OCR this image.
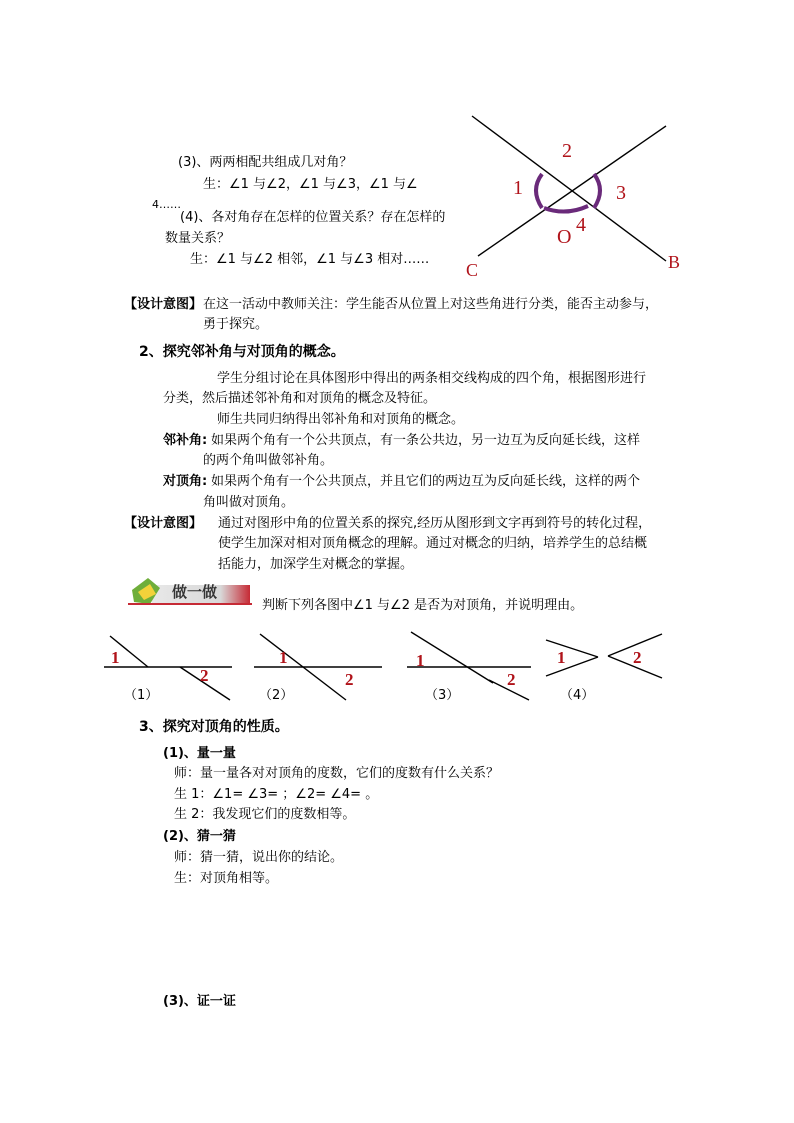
(3)、两两相配共组成几对角？
生：∠1 与∠2，∠1 与∠3，∠1 与∠
4……
(4)、各对角存在怎样的位置关系？存在怎样的
数量关系？
生：∠1 与∠2 相邻，∠1 与∠3 相对……
2
1	3
4
O
C	B
【设计意图】 在这一活动中教师关注：学生能否从位置上对这些角进行分类，能否主动参与，
勇于探究。
2、探究邻补角与对顶角的概念。
学生分组讨论在具体图形中得出的两条相交线构成的四个角，根据图形进行
分类，然后描述邻补角和对顶角的概念及特征。
师生共同归纳得出邻补角和对顶角的概念。
邻补角: 如果两个角有一个公共顶点，有一条公共边，另一边互为反向延长线，这样
的两个角叫做邻补角。
对顶角: 如果两个角有一个公共顶点，并且它们的两边互为反向延长线，这样的两个
角叫做对顶角。
【设计意图】 通过对图形中角的位置关系的探究,经历从图形到文字再到符号的转化过程，
使学生加深对相对顶角概念的理解。通过对概念的归纳，培养学生的总结概
括能力，加深学生对概念的掌握。
做一做
判断下列各图中∠1 与∠2 是否为对顶角，并说明理由。
1
2
（1）
1
2
（2）
1
2
（3）
1	2
（4）
3、探究对顶角的性质。
(1)、量一量
师：量一量各对对顶角的度数，它们的度数有什么关系？
生 1：∠1= ∠3= ；∠2= ∠4= 。
生 2：我发现它们的度数相等。
(2)、猜一猜
师：猜一猜，说出你的结论。
生：对顶角相等。
(3)、证一证
